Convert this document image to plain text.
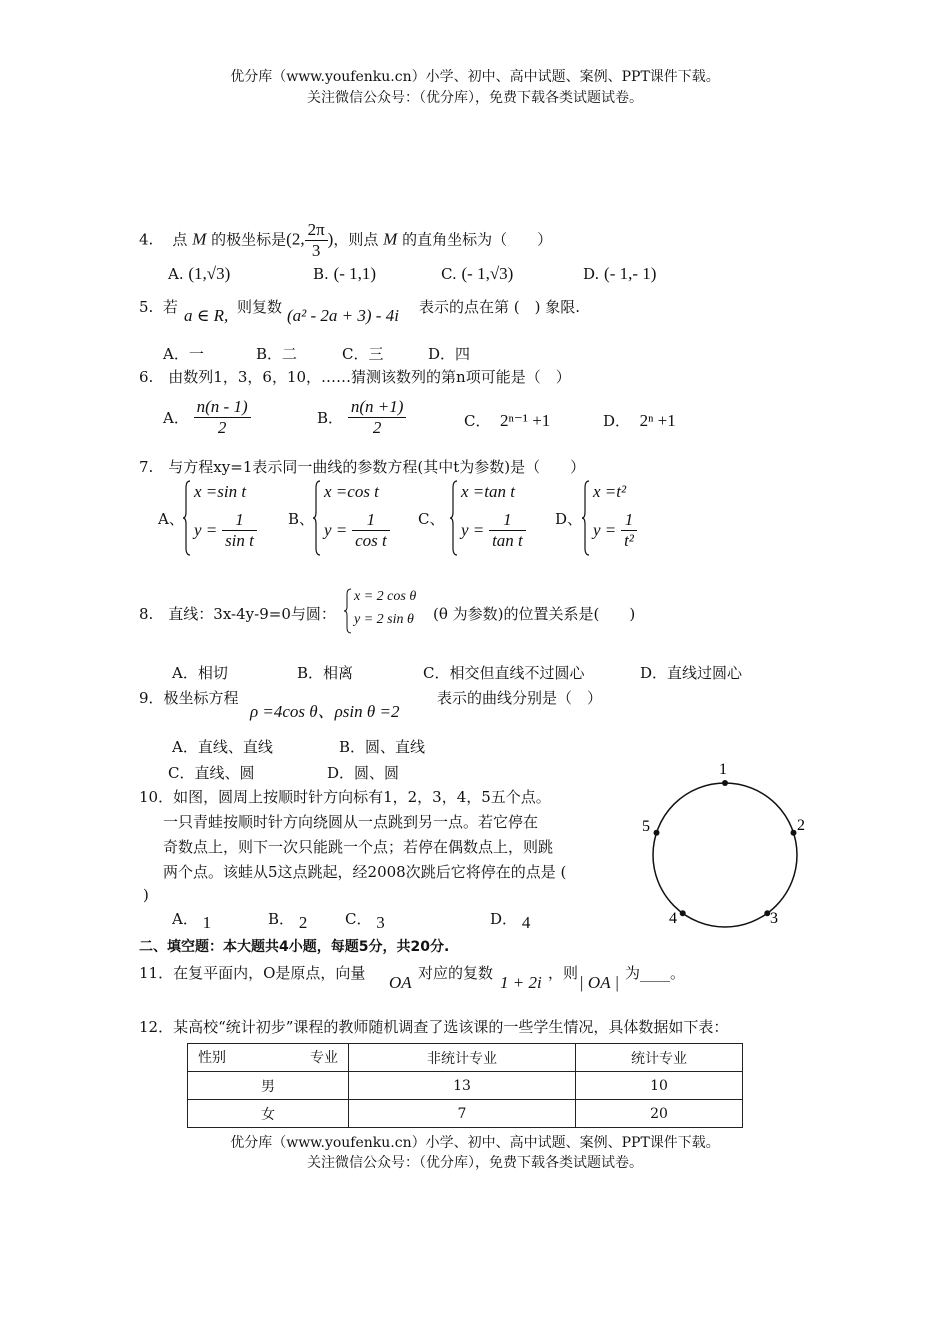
优分库（www.youfenku.cn）小学、初中、高中试题、案例、PPT课件下载。
关注微信公众号：（优分库），免费下载各类试题试卷。
4. 点 M 的极坐标是(2, $\frac{2\pi}{3}$ )，则点 M 的直角坐标为（　　）
A. (1,√3)	B. (- 1,1)	C. (- 1,√3)	D. (- 1,- 1)
5. 若 a ∈ R, 则复数 (a² - 2a + 3) - 4i 表示的点在第 (　) 象限.
A．一	B．二	C．三	D．四
6.　由数列1，3，6，10，……猜测该数列的第n项可能是（　）
A． $\frac{n(n - 1)}{2}$	B． $\frac{n(n +1)}{2}$	C． 2ⁿ⁻¹ +1	D． 2ⁿ +1
7.　与方程xy=1表示同一曲线的参数方程(其中t为参数)是（　　）
A、
x =sin t
$y = \frac{1}{\text{sin t}}$ B、
x =cos t
$y = \frac{1}{\text{cos t}}$ C、
x =tan t
$y = \frac{1}{\text{tan t}}$ D、
x =t²
$y = \frac{1}{\text{t²}}$
8.　直线：3x-4y-9=0与圆：
x = 2 cos θ
y = 2 sin θ (θ 为参数)的位置关系是(　　)
A．相切	B．相离	C．相交但直线不过圆心	D．直线过圆心
9．极坐标方程
ρ =4cos θ、ρsin θ =2
表示的曲线分别是（　）
A．直线、直线	B．圆、直线
C．直线、圆	D．圆、圆
10．如图，圆周上按顺时针方向标有1，2，3，4，5五个点。
一只青蛙按顺时针方向绕圆从一点跳到另一点。若它停在
奇数点上，则下一次只能跳一个点；若停在偶数点上，则跳
两个点。该蛙从5这点跳起，经2008次跳后它将停在的点是 (
)
A． 1	B． 2	C． 3	D． 4
1
2
3
4
5
二、填空题：本大题共4小题，每题5分，共20分.
11．在复平面内，O是原点，向量 OA 对应的复数 1 + 2i ，则 | OA | 为____。
12．某高校“统计初步”课程的教师随机调查了选该课的一些学生情况，具体数据如下表：
性别 专业	非统计专业	统计专业
男	13	10
女	7	20
优分库（www.youfenku.cn）小学、初中、高中试题、案例、PPT课件下载。
关注微信公众号：（优分库），免费下载各类试题试卷。
